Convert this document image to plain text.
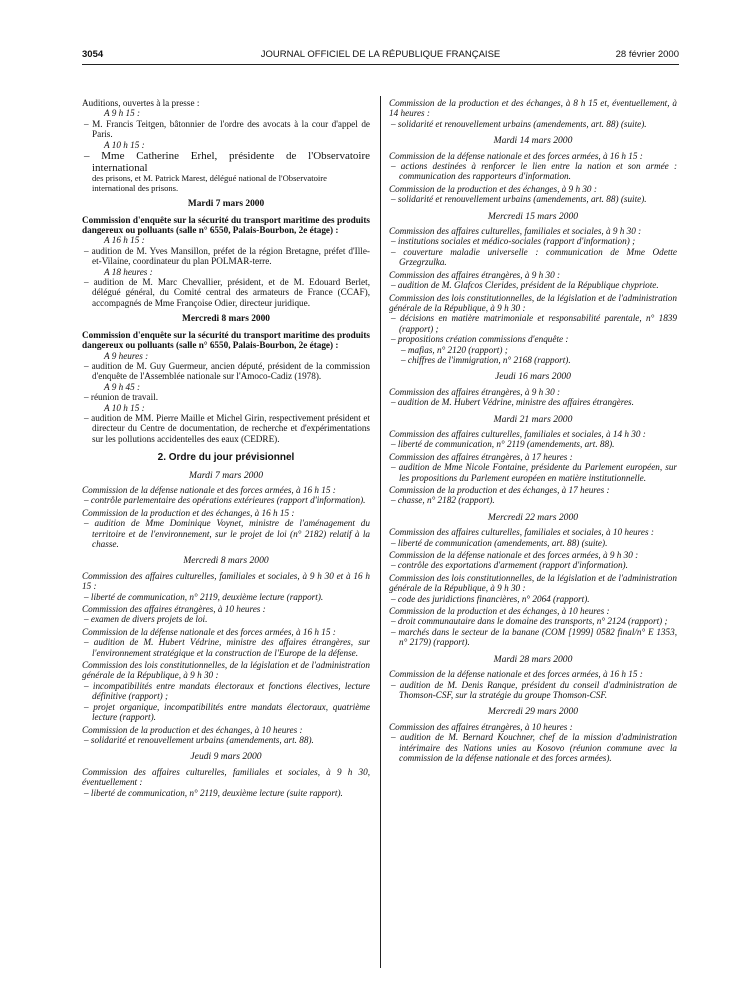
3054	JOURNAL OFFICIEL DE LA RÉPUBLIQUE FRANÇAISE	28 février 2000

Auditions, ouvertes à la presse :

A 9 h 15 :

– M. Francis Teitgen, bâtonnier de l'ordre des avocats à la cour d'appel de Paris.

A 10 h 15 :

– Mme Catherine Erhel, présidente de l'Observatoire international

des prisons, et M. Patrick Marest, délégué national de l'Observatoire international des prisons.

Mardi 7 mars 2000

Commission d'enquête sur la sécurité du transport maritime des produits dangereux ou polluants (salle n° 6550, Palais-Bourbon, 2e étage) :

A 16 h 15 :

– audition de M. Yves Mansillon, préfet de la région Bretagne, préfet d'Ille-et-Vilaine, coordinateur du plan POLMAR-terre.

A 18 heures :

– audition de M. Marc Chevallier, président, et de M. Edouard Berlet, délégué général, du Comité central des armateurs de France (CCAF), accompagnés de Mme Françoise Odier, directeur juridique.

Mercredi 8 mars 2000

Commission d'enquête sur la sécurité du transport maritime des produits dangereux ou polluants (salle n° 6550, Palais-Bourbon, 2e étage) :

A 9 heures :

– audition de M. Guy Guermeur, ancien député, président de la commission d'enquête de l'Assemblée nationale sur l'Amoco-Cadiz (1978).

A 9 h 45 :

– réunion de travail.

A 10 h 15 :

– audition de MM. Pierre Maille et Michel Girin, respectivement président et directeur du Centre de documentation, de recherche et d'expérimentations sur les pollutions accidentelles des eaux (CEDRE).

2. Ordre du jour prévisionnel

Mardi 7 mars 2000

Commission de la défense nationale et des forces armées, à 16 h 15 :

– contrôle parlementaire des opérations extérieures (rapport d'information).

Commission de la production et des échanges, à 16 h 15 :

– audition de Mme Dominique Voynet, ministre de l'aménagement du territoire et de l'environnement, sur le projet de loi (n° 2182) relatif à la chasse.

Mercredi 8 mars 2000

Commission des affaires culturelles, familiales et sociales, à 9 h 30 et à 16 h 15 :

– liberté de communication, n° 2119, deuxième lecture (rapport).

Commission des affaires étrangères, à 10 heures :

– examen de divers projets de loi.

Commission de la défense nationale et des forces armées, à 16 h 15 :

– audition de M. Hubert Védrine, ministre des affaires étrangères, sur l'environnement stratégique et la construction de l'Europe de la défense.

Commission des lois constitutionnelles, de la législation et de l'administration générale de la République, à 9 h 30 :

– incompatibilités entre mandats électoraux et fonctions électives, lecture définitive (rapport) ;

– projet organique, incompatibilités entre mandats électoraux, quatrième lecture (rapport).

Commission de la production et des échanges, à 10 heures :

– solidarité et renouvellement urbains (amendements, art. 88).

Jeudi 9 mars 2000

Commission des affaires culturelles, familiales et sociales, à 9 h 30, éventuellement :

– liberté de communication, n° 2119, deuxième lecture (suite rapport).

Commission de la production et des échanges, à 8 h 15 et, éventuellement, à 14 heures :

– solidarité et renouvellement urbains (amendements, art. 88) (suite).

Mardi 14 mars 2000

Commission de la défense nationale et des forces armées, à 16 h 15 :

– actions destinées à renforcer le lien entre la nation et son armée : communication des rapporteurs d'information.

Commission de la production et des échanges, à 9 h 30 :

– solidarité et renouvellement urbains (amendements, art. 88) (suite).

Mercredi 15 mars 2000

Commission des affaires culturelles, familiales et sociales, à 9 h 30 :

– institutions sociales et médico-sociales (rapport d'information) ;

– couverture maladie universelle : communication de Mme Odette Grzegrzulka.

Commission des affaires étrangères, à 9 h 30 :

– audition de M. Glafcos Clerides, président de la République chypriote.

Commission des lois constitutionnelles, de la législation et de l'administration générale de la République, à 9 h 30 :

– décisions en matière matrimoniale et responsabilité parentale, n° 1839 (rapport) ;

– propositions création commissions d'enquête :

– mafias, n° 2120 (rapport) ;

– chiffres de l'immigration, n° 2168 (rapport).

Jeudi 16 mars 2000

Commission des affaires étrangères, à 9 h 30 :

– audition de M. Hubert Védrine, ministre des affaires étrangères.

Mardi 21 mars 2000

Commission des affaires culturelles, familiales et sociales, à 14 h 30 :

– liberté de communication, n° 2119 (amendements, art. 88).

Commission des affaires étrangères, à 17 heures :

– audition de Mme Nicole Fontaine, présidente du Parlement européen, sur les propositions du Parlement européen en matière institutionnelle.

Commission de la production et des échanges, à 17 heures :

– chasse, n° 2182 (rapport).

Mercredi 22 mars 2000

Commission des affaires culturelles, familiales et sociales, à 10 heures :

– liberté de communication (amendements, art. 88) (suite).

Commission de la défense nationale et des forces armées, à 9 h 30 :

– contrôle des exportations d'armement (rapport d'information).

Commission des lois constitutionnelles, de la législation et de l'administration générale de la République, à 9 h 30 :

– code des juridictions financières, n° 2064 (rapport).

Commission de la production et des échanges, à 10 heures :

– droit communautaire dans le domaine des transports, n° 2124 (rapport) ;

– marchés dans le secteur de la banane (COM [1999] 0582 final/n° E 1353, n° 2179) (rapport).

Mardi 28 mars 2000

Commission de la défense nationale et des forces armées, à 16 h 15 :

– audition de M. Denis Ranque, président du conseil d'administration de Thomson-CSF, sur la stratégie du groupe Thomson-CSF.

Mercredi 29 mars 2000

Commission des affaires étrangères, à 10 heures :

– audition de M. Bernard Kouchner, chef de la mission d'administration intérimaire des Nations unies au Kosovo (réunion commune avec la commission de la défense nationale et des forces armées).
